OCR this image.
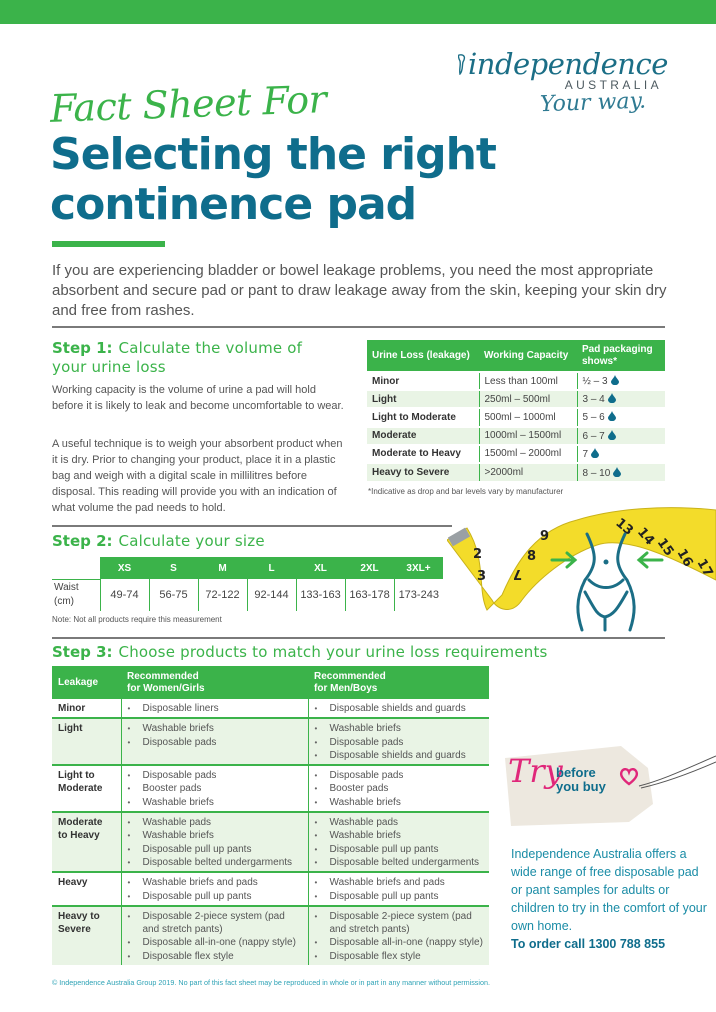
independence
AUSTRALIA
Your way.
Fact Sheet For
Selecting the right
continence pad
If you are experiencing bladder or bowel leakage problems, you need the most appropriate absorbent and secure pad or pant to draw leakage away from the skin, keeping your skin dry and free from rashes.
Step 1: Calculate the volume of your urine loss
Working capacity is the volume of urine a pad will hold before it is likely to leak and become uncomfortable to wear.
A useful technique is to weigh your absorbent product when it is dry. Prior to changing your product, place it in a plastic bag and weigh with a digital scale in millilitres before disposal. This reading will provide you with an indication of what volume the pad needs to hold.
Urine Loss (leakage)	Working Capacity	Pad packaging shows*
Minor	Less than 100ml	½ – 3
Light	250ml – 500ml	3 – 4
Light to Moderate	500ml – 1000ml	5 – 6
Moderate	1000ml – 1500ml	6 – 7
Moderate to Heavy	1500ml – 2000ml	7
Heavy to Severe	>2000ml	8 – 10
*Indicative as drop and bar levels vary by manufacturer
Step 2: Calculate your size
	XS	S	M	L	XL	2XL	3XL+

Waist
(cm)	49-74	56-75	72-122	92-144	133-163	163-178	173-243
Note: Not all products require this measurement
2
3 7
8
9	13
14
15
16
17
Step 3: Choose products to match your urine loss requirements
Leakage	
Recommended
for Women/Girls

Recommended
for Men/Boys

Minor	
•Disposable liners

•Disposable shields and guards

Light	
•Washable briefs
• Disposable pads

• Washable briefs
• Disposable pads
• Disposable shields and guards

Light to Moderate	
• Disposable pads
• Booster pads
• Washable briefs

• Disposable pads
• Booster pads
• Washable briefs

Moderate to Heavy	
• Washable pads
• Washable briefs
• Disposable pull up pants
• Disposable belted undergarments

• Washable pads
• Washable briefs
• Disposable pull up pants
• Disposable belted undergarments

Heavy	
•Washable briefs and pads
• Disposable pull up pants

• Washable briefs and pads
• Disposable pull up pants

Heavy to Severe	
• Disposable 2-piece system (pad and stretch pants)
• Disposable all-in-one (nappy style)
• Disposable flex style

• Disposable 2-piece system (pad and stretch pants)
• Disposable all-in-one (nappy style)
• Disposable flex style
Try
before
you buy
Independence Australia offers a wide range of free disposable pad or pant samples for adults or children to try in the comfort of your own home.
To order call 1300 788 855
© Independence Australia Group 2019. No part of this fact sheet may be reproduced in whole or in part in any manner without permission.
